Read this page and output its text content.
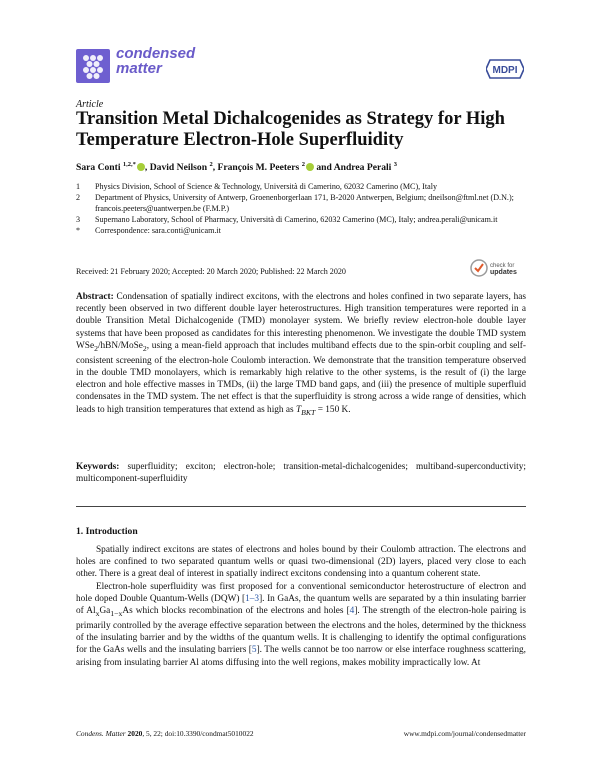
condensed
matter	MDPI
Article
Transition Metal Dichalcogenides as Strategy for High Temperature Electron-Hole Superfluidity
Sara Conti $^{1,2,*}$ , David Neilson $^2$, François M. Peeters $^2$ and Andrea Perali $^3$
1	Physics Division, School of Science & Technology, Università di Camerino, 62032 Camerino (MC), Italy
2	Department of Physics, University of Antwerp, Groenenborgerlaan 171, B-2020 Antwerpen, Belgium; dneilson@ftml.net (D.N.); francois.peeters@uantwerpen.be (F.M.P.)
3	Supernano Laboratory, School of Pharmacy, Università di Camerino, 62032 Camerino (MC), Italy; andrea.perali@unicam.it
*	Correspondence: sara.conti@unicam.it
Received: 21 February 2020; Accepted: 20 March 2020; Published: 22 March 2020
check for
updates
Abstract: Condensation of spatially indirect excitons, with the electrons and holes confined in two separate layers, has recently been observed in two different double layer heterostructures. High transition temperatures were reported in a double Transition Metal Dichalcogenide (TMD) monolayer system. We briefly review electron-hole double layer systems that have been proposed as candidates for this interesting phenomenon. We investigate the double TMD system WSe$_2$/hBN/MoSe$_2$, using a mean-field approach that includes multiband effects due to the spin-orbit coupling and self-consistent screening of the electron-hole Coulomb interaction. We demonstrate that the transition temperature observed in the double TMD monolayers, which is remarkably high relative to the other systems, is the result of (i) the large electron and hole effective masses in TMDs, (ii) the large TMD band gaps, and (iii) the presence of multiple superfluid condensates in the TMD system. The net effect is that the superfluidity is strong across a wide range of densities, which leads to high transition temperatures that extend as high as $T_{BKT} = 150$ K.
Keywords: superfluidity; exciton; electron-hole; transition-metal-dichalcogenides; multiband-superconductivity; multicomponent-superfluidity
1. Introduction

Spatially indirect excitons are states of electrons and holes bound by their Coulomb attraction. The electrons and holes are confined to two separated quantum wells or quasi two-dimensional (2D) layers, placed very close to each other. There is a great deal of interest in spatially indirect excitons condensing into a quantum coherent state.

Electron-hole superfluidity was first proposed for a conventional semiconductor heterostructure of electron and hole doped Double Quantum-Wells (DQW) [1–3]. In GaAs, the quantum wells are separated by a thin insulating barrier of $Al_xGa_{1-x}As$ which blocks recombination of the electrons and holes [4]. The strength of the electron-hole pairing is primarily controlled by the average effective separation between the electrons and the holes, determined by the thickness of the insulating barrier and by the widths of the quantum wells. It is challenging to identify the optimal configurations for the GaAs wells and the insulating barriers [5]. The wells cannot be too narrow or else interface roughness scattering, arising from insulating barrier Al atoms diffusing into the well regions, makes mobility impractically low. At

Condens. Matter 2020, 5, 22; doi:10.3390/condmat5010022	www.mdpi.com/journal/condensedmatter
